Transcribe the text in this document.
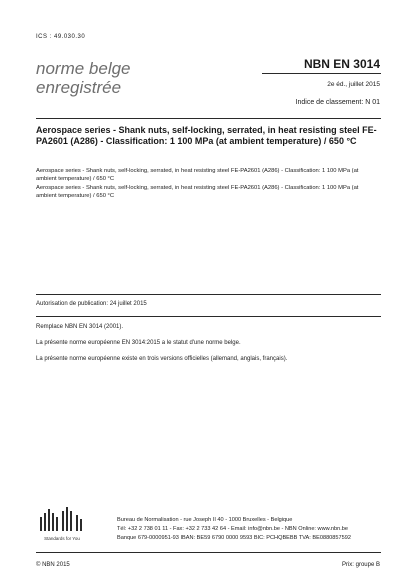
ICS : 49.030.30
norme belge
enregistrée
NBN EN 3014
2e éd., juillet 2015
Indice de classement: N 01
Aerospace series - Shank nuts, self-locking, serrated, in heat resisting steel FE-PA2601 (A286) - Classification: 1 100 MPa (at ambient temperature) / 650 °C
Aerospace series - Shank nuts, self-locking, serrated, in heat resisting steel FE-PA2601 (A286) - Classification: 1 100 MPa (at ambient temperature) / 650 °C
Aerospace series - Shank nuts, self-locking, serrated, in heat resisting steel FE-PA2601 (A286) - Classification: 1 100 MPa (at ambient temperature) / 650 °C
Autorisation de publication: 24 juillet 2015
Remplace NBN EN 3014 (2001).
La présente norme européenne EN 3014:2015 a le statut d'une norme belge.
La présente norme européenne existe en trois versions officielles (allemand, anglais, français).
Standards for You
Bureau de Normalisation - rue Joseph II 40 - 1000 Bruxelles - Belgique
Tél: +32 2 738 01 11 - Fax: +32 2 733 42 64 - Email: info@nbn.be - NBN Online: www.nbn.be
Banque 679-0000951-93 IBAN: BE59 6790 0000 9593 BIC: PCHQBEBB TVA: BE0880857592
© NBN 2015	Prix: groupe B
